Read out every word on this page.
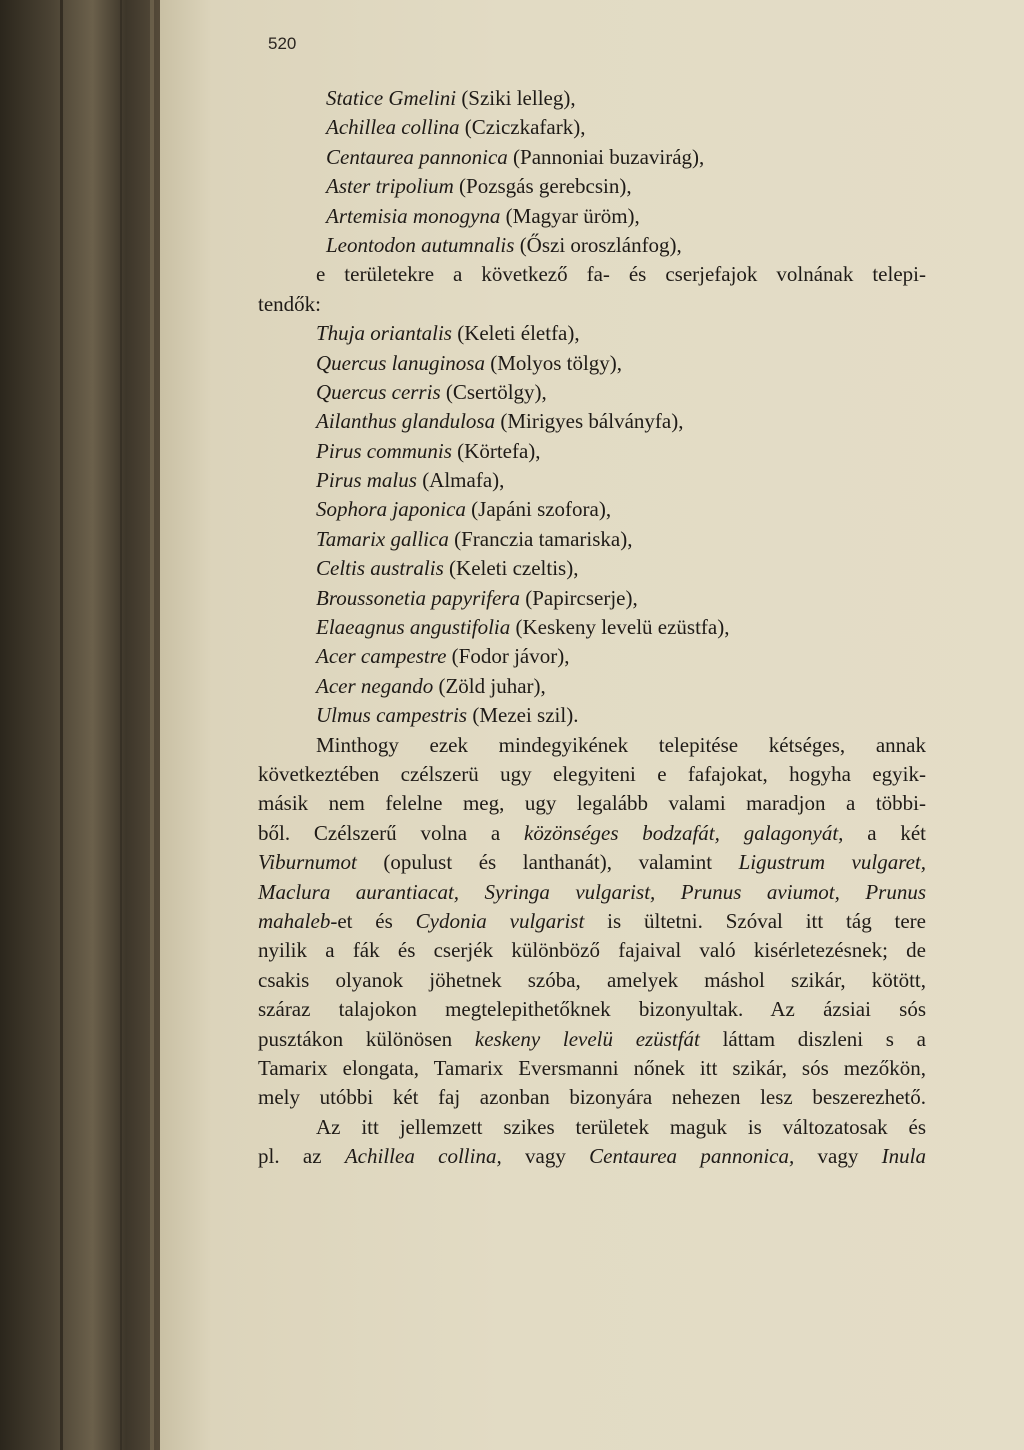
520
Statice Gmelini (Sziki lelleg),
Achillea collina (Cziczkafark),
Centaurea pannonica (Pannoniai buzavirág),
Aster tripolium (Pozsgás gerebcsin),
Artemisia monogyna (Magyar üröm),
Leontodon autumnalis (Őszi oroszlánfog),
e területekre a következő fa- és cserjefajok volnának telepi-
tendők:
Thuja oriantalis (Keleti életfa),
Quercus lanuginosa (Molyos tölgy),
Quercus cerris (Csertölgy),
Ailanthus glandulosa (Mirigyes bálványfa),
Pirus communis (Körtefa),
Pirus malus (Almafa),
Sophora japonica (Japáni szofora),
Tamarix gallica (Franczia tamariska),
Celtis australis (Keleti czeltis),
Broussonetia papyrifera (Papircserje),
Elaeagnus angustifolia (Keskeny levelü ezüstfa),
Acer campestre (Fodor jávor),
Acer negando (Zöld juhar),
Ulmus campestris (Mezei szil).
Minthogy ezek mindegyikének telepitése kétséges, annak
következtében czélszerü ugy elegyiteni e fafajokat, hogyha egyik-
másik nem felelne meg, ugy legalább valami maradjon a többi-
ből. Czélszerű volna a közönséges bodzafát, galagonyát, a két
Viburnumot (opulust és lanthanát), valamint Ligustrum vulgaret,
Maclura aurantiacat, Syringa vulgarist, Prunus aviumot, Prunus
mahaleb-et és Cydonia vulgarist is ültetni. Szóval itt tág tere
nyilik a fák és cserjék különböző fajaival való kisérletezésnek; de
csakis olyanok jöhetnek szóba, amelyek máshol szikár, kötött,
száraz talajokon megtelepithetőknek bizonyultak. Az ázsiai sós
pusztákon különösen keskeny levelü ezüstfát láttam diszleni s a
Tamarix elongata, Tamarix Eversmanni nőnek itt szikár, sós mezőkön,
mely utóbbi két faj azonban bizonyára nehezen lesz beszerezhető.
Az itt jellemzett szikes területek maguk is változatosak és
pl. az Achillea collina, vagy Centaurea pannonica, vagy Inula
